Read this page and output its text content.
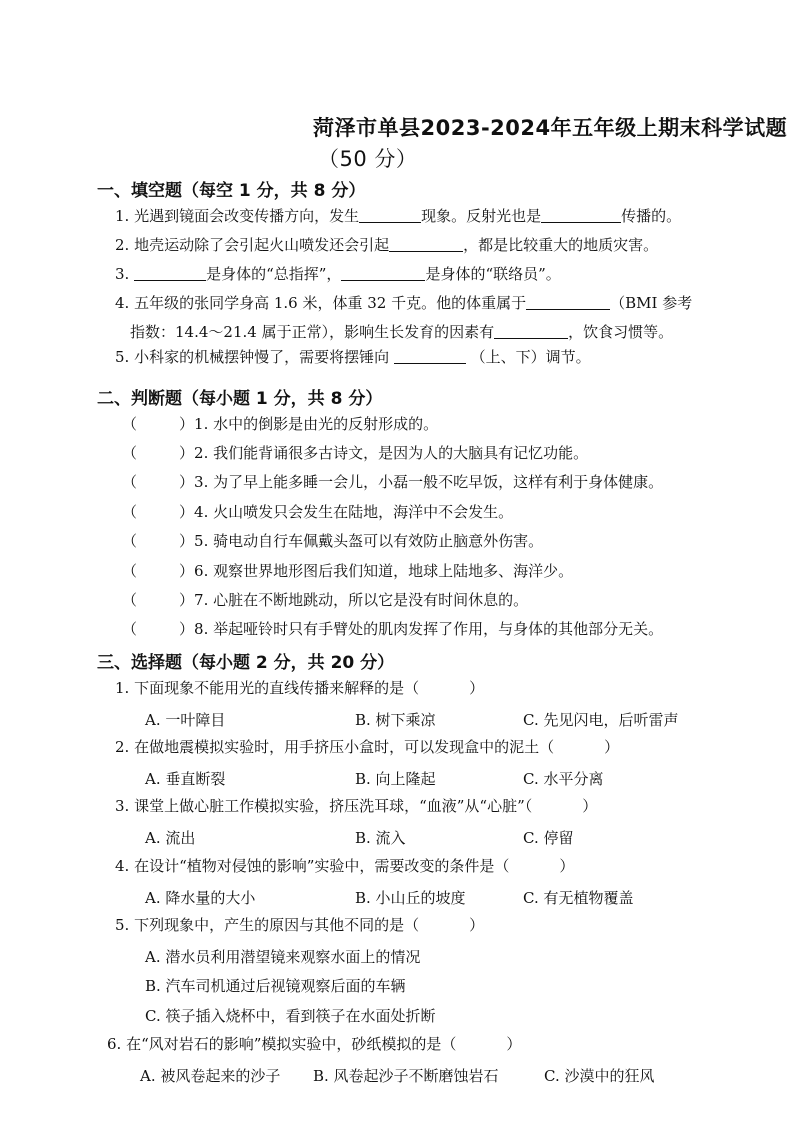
菏泽市单县2023-2024年五年级上期末科学试题
（50 分）
一、填空题（每空 1 分，共 8 分）
1. 光遇到镜面会改变传播方向，发生	现象。反射光也是	传播的。
2. 地壳运动除了会引起火山喷发还会引起	，都是比较重大的地质灾害。
3.	是身体的“总指挥”，	是身体的“联络员”。
4. 五年级的张同学身高 1.6 米，体重 32 千克。他的体重属于	（BMI 参考
指数：14.4～21.4 属于正常），影响生长发育的因素有	，饮食习惯等。
5. 小科家的机械摆钟慢了，需要将摆锤向	（上、下）调节。
二、判断题（每小题 1 分，共 8 分）
（	）1. 水中的倒影是由光的反射形成的。
（	）2. 我们能背诵很多古诗文，是因为人的大脑具有记忆功能。
（	）3. 为了早上能多睡一会儿，小磊一般不吃早饭，这样有利于身体健康。
（	）4. 火山喷发只会发生在陆地，海洋中不会发生。
（	）5. 骑电动自行车佩戴头盔可以有效防止脑意外伤害。
（	）6. 观察世界地形图后我们知道，地球上陆地多、海洋少。
（	）7. 心脏在不断地跳动，所以它是没有时间休息的。
（	）8. 举起哑铃时只有手臂处的肌肉发挥了作用，与身体的其他部分无关。
三、选择题（每小题 2 分，共 20 分）
1. 下面现象不能用光的直线传播来解释的是（	）
A. 一叶障目	B. 树下乘凉	C. 先见闪电，后听雷声
2. 在做地震模拟实验时，用手挤压小盒时，可以发现盒中的泥土（	）
A. 垂直断裂	B. 向上隆起	C. 水平分离
3. 课堂上做心脏工作模拟实验，挤压洗耳球，“血液”从“心脏”（	）
A. 流出	B. 流入	C. 停留
4. 在设计“植物对侵蚀的影响”实验中，需要改变的条件是（	）
A. 降水量的大小	B. 小山丘的坡度	C. 有无植物覆盖
5. 下列现象中，产生的原因与其他不同的是（	）
A. 潜水员利用潜望镜来观察水面上的情况
B. 汽车司机通过后视镜观察后面的车辆
C. 筷子插入烧杯中，看到筷子在水面处折断
6. 在“风对岩石的影响”模拟实验中，砂纸模拟的是（	）
A. 被风卷起来的沙子 B. 风卷起沙子不断磨蚀岩石	C. 沙漠中的狂风
